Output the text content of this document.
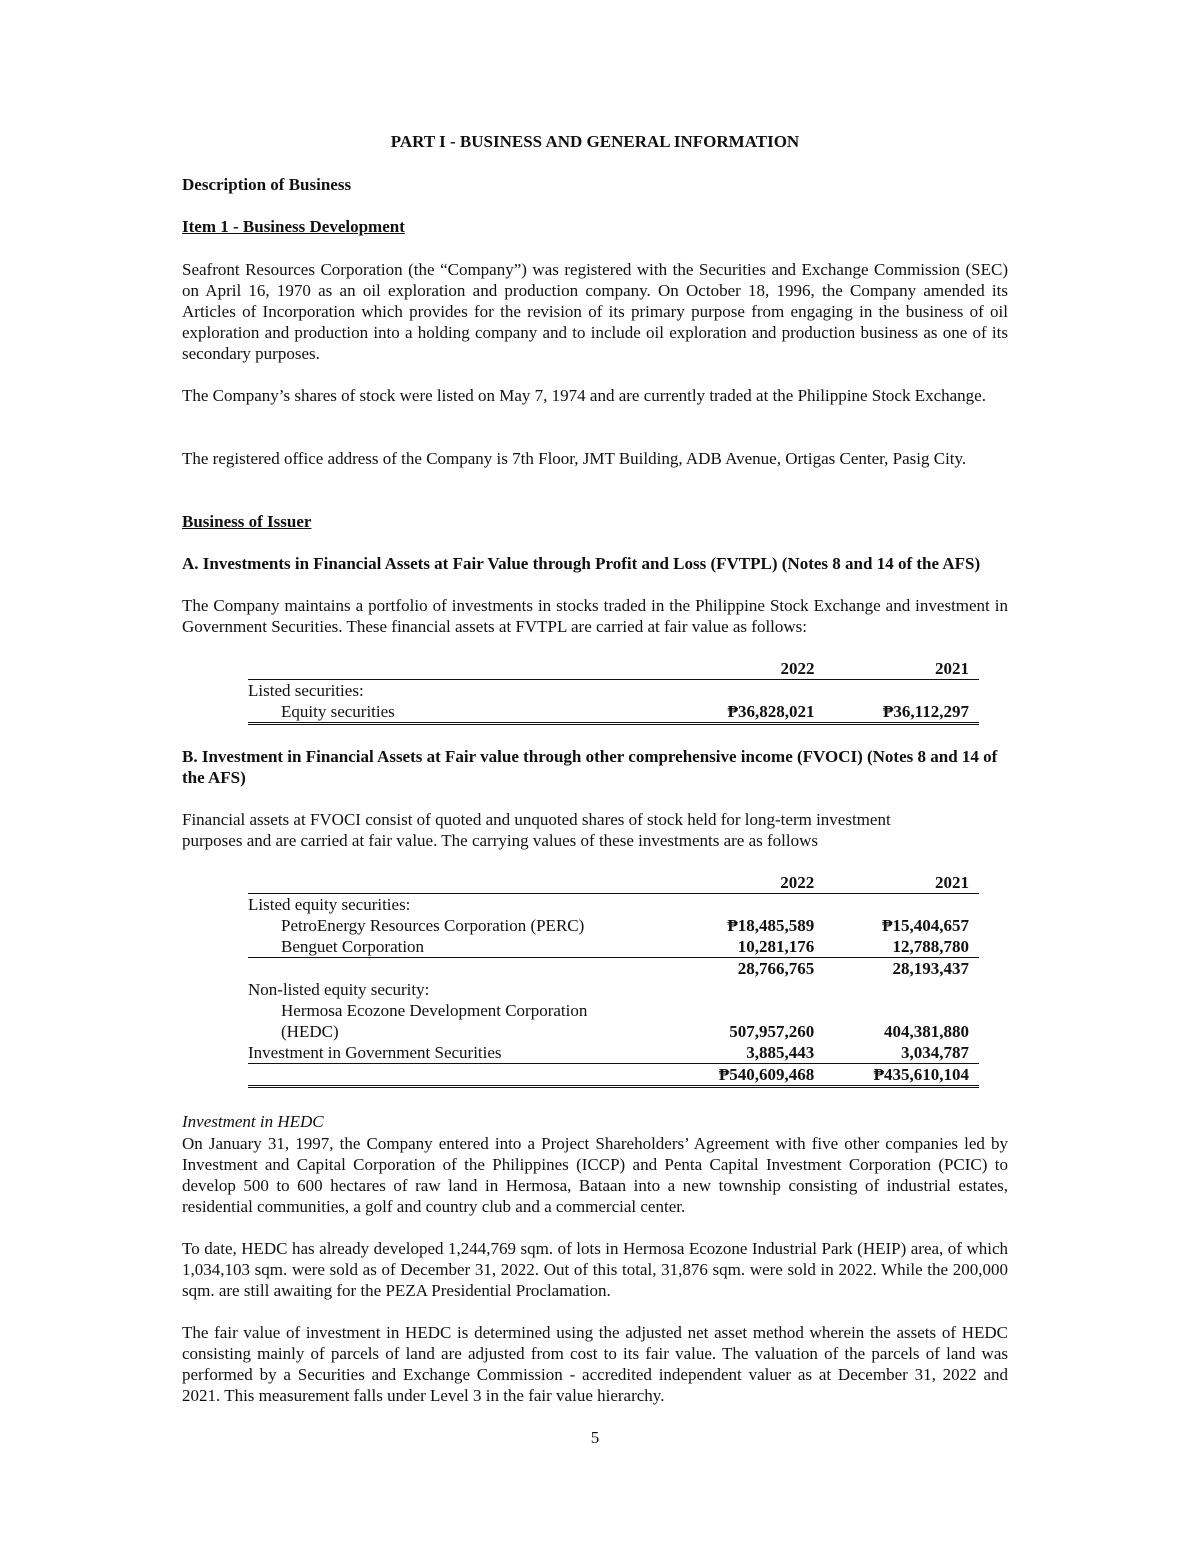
PART I - BUSINESS AND GENERAL INFORMATION
Description of Business
Item 1 - Business Development

Seafront Resources Corporation (the “Company”) was registered with the Securities and Exchange Commission (SEC) on April 16, 1970 as an oil exploration and production company. On October 18, 1996, the Company amended its Articles of Incorporation which provides for the revision of its primary purpose from engaging in the business of oil exploration and production into a holding company and to include oil exploration and production business as one of its secondary purposes.

The Company’s shares of stock were listed on May 7, 1974 and are currently traded at the Philippine Stock Exchange.

The registered office address of the Company is 7th Floor, JMT Building, ADB Avenue, Ortigas Center, Pasig City.

Business of Issuer

A. Investments in Financial Assets at Fair Value through Profit and Loss (FVTPL) (Notes 8 and 14 of the AFS)

The Company maintains a portfolio of investments in stocks traded in the Philippine Stock Exchange and investment in Government Securities. These financial assets at FVTPL are carried at fair value as follows:

	2022		2021
Listed securities:			
Equity securities	₱36,828,021		₱36,112,297

B. Investment in Financial Assets at Fair value through other comprehensive income (FVOCI) (Notes 8 and 14 of the AFS)

Financial assets at FVOCI consist of quoted and unquoted shares of stock held for long-term investment purposes and are carried at fair value. The carrying values of these investments are as follows

	2022		2021
Listed equity securities:			
PetroEnergy Resources Corporation (PERC)	₱18,485,589		₱15,404,657
Benguet Corporation	10,281,176		12,788,780
	28,766,765		28,193,437
Non-listed equity security:			
Hermosa Ecozone Development Corporation			
(HEDC)	507,957,260		404,381,880
Investment in Government Securities	3,885,443		3,034,787
	₱540,609,468		₱435,610,104
Investment in HEDC

On January 31, 1997, the Company entered into a Project Shareholders’ Agreement with five other companies led by Investment and Capital Corporation of the Philippines (ICCP) and Penta Capital Investment Corporation (PCIC) to develop 500 to 600 hectares of raw land in Hermosa, Bataan into a new township consisting of industrial estates, residential communities, a golf and country club and a commercial center.

To date, HEDC has already developed 1,244,769 sqm. of lots in Hermosa Ecozone Industrial Park (HEIP) area, of which 1,034,103 sqm. were sold as of December 31, 2022. Out of this total, 31,876 sqm. were sold in 2022. While the 200,000 sqm. are still awaiting for the PEZA Presidential Proclamation.

The fair value of investment in HEDC is determined using the adjusted net asset method wherein the assets of HEDC consisting mainly of parcels of land are adjusted from cost to its fair value. The valuation of the parcels of land was performed by a Securities and Exchange Commission - accredited independent valuer as at December 31, 2022 and 2021. This measurement falls under Level 3 in the fair value hierarchy.

5
